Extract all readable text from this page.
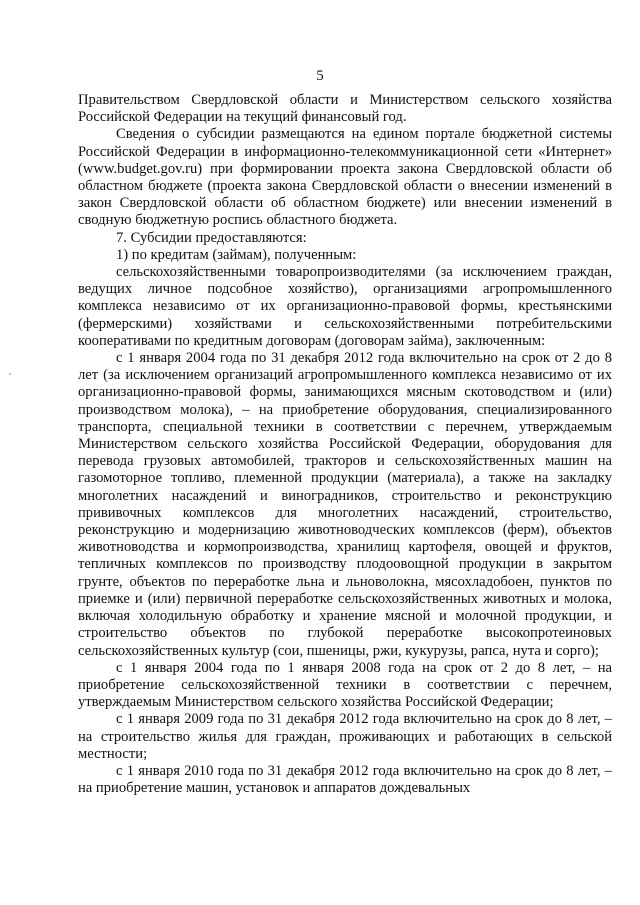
5

Правительством Свердловской области и Министерством сельского хозяйства Российской Федерации на текущий финансовый год.

Сведения о субсидии размещаются на едином портале бюджетной системы Российской Федерации в информационно-телекоммуникационной сети «Интернет» (www.budget.gov.ru) при формировании проекта закона Свердловской области об областном бюджете (проекта закона Свердловской области о внесении изменений в закон Свердловской области об областном бюджете) или внесении изменений в сводную бюджетную роспись областного бюджета.

7. Субсидии предоставляются:

1) по кредитам (займам), полученным:

сельскохозяйственными товаропроизводителями (за исключением граждан, ведущих личное подсобное хозяйство), организациями агропромышленного комплекса независимо от их организационно-правовой формы, крестьянскими (фермерскими) хозяйствами и сельскохозяйственными потребительскими кооперативами по кредитным договорам (договорам займа), заключенным:

с 1 января 2004 года по 31 декабря 2012 года включительно на срок от 2 до 8 лет (за исключением организаций агропромышленного комплекса независимо от их организационно-правовой формы, занимающихся мясным скотоводством и (или) производством молока), – на приобретение оборудования, специализированного транспорта, специальной техники в соответствии с перечнем, утверждаемым Министерством сельского хозяйства Российской Федерации, оборудования для перевода грузовых автомобилей, тракторов и сельскохозяйственных машин на газомоторное топливо, племенной продукции (материала), а также на закладку многолетних насаждений и виноградников, строительство и реконструкцию прививочных комплексов для многолетних насаждений, строительство, реконструкцию и модернизацию животноводческих комплексов (ферм), объектов животноводства и кормопроизводства, хранилищ картофеля, овощей и фруктов, тепличных комплексов по производству плодоовощной продукции в закрытом грунте, объектов по переработке льна и льноволокна, мясохладобоен, пунктов по приемке и (или) первичной переработке сельскохозяйственных животных и молока, включая холодильную обработку и хранение мясной и молочной продукции, и строительство объектов по глубокой переработке высокопротеиновых сельскохозяйственных культур (сои, пшеницы, ржи, кукурузы, рапса, нута и сорго);

с 1 января 2004 года по 1 января 2008 года на срок от 2 до 8 лет, – на приобретение сельскохозяйственной техники в соответствии с перечнем, утверждаемым Министерством сельского хозяйства Российской Федерации;

с 1 января 2009 года по 31 декабря 2012 года включительно на срок до 8 лет, – на строительство жилья для граждан, проживающих и работающих в сельской местности;

с 1 января 2010 года по 31 декабря 2012 года включительно на срок до 8 лет, – на приобретение машин, установок и аппаратов дождевальных
